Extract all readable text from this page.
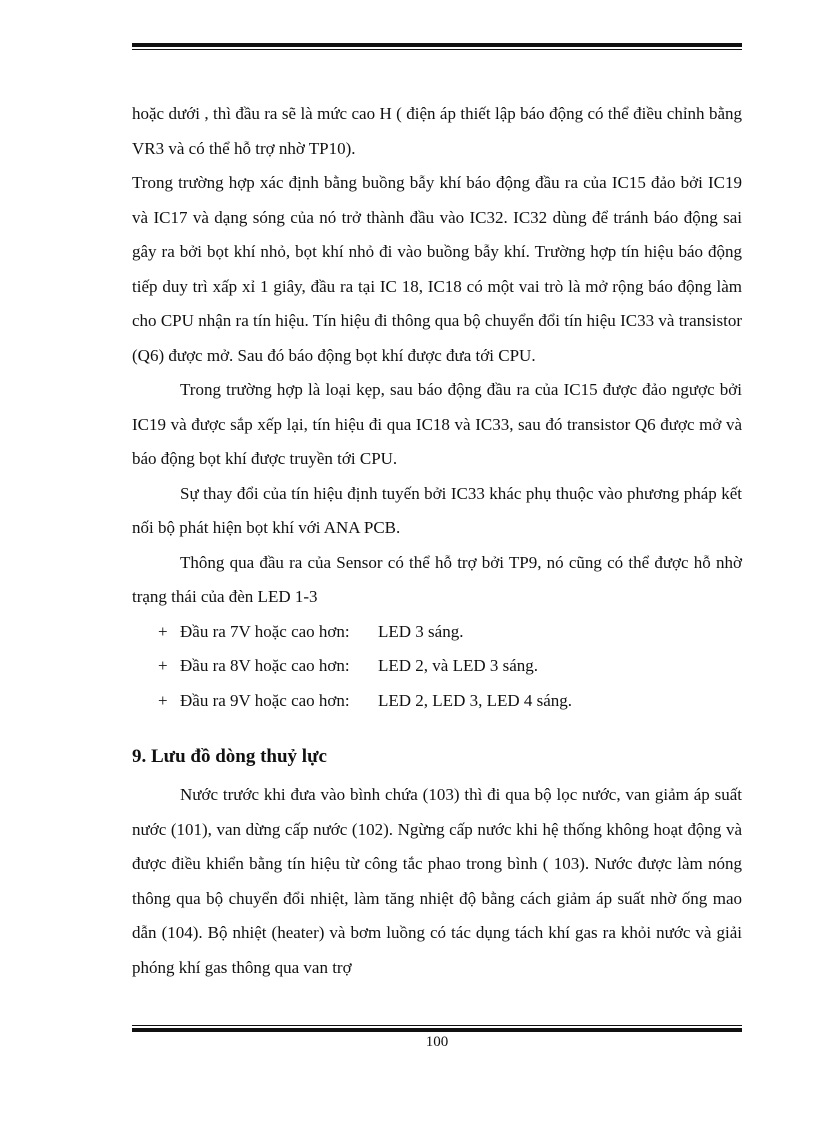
hoặc dưới , thì đầu ra sẽ là mức cao H ( điện áp thiết lập báo động có thể điều chỉnh bằng VR3 và có thể hỗ trợ nhờ TP10).

Trong trường hợp xác định bằng buồng bẫy khí báo động đầu ra của IC15 đảo bởi IC19 và IC17 và dạng sóng của nó trở thành đầu vào IC32. IC32 dùng để tránh báo động sai gây ra bởi bọt khí nhỏ, bọt khí nhỏ đi vào buồng bẫy khí. Trường hợp tín hiệu báo động tiếp duy trì xấp xỉ 1 giây, đầu ra tại IC 18, IC18 có một vai trò là mở rộng báo động làm cho CPU nhận ra tín hiệu. Tín hiệu đi thông qua bộ chuyển đổi tín hiệu IC33 và transistor (Q6) được mở. Sau đó báo động bọt khí được đưa tới CPU.

Trong trường hợp là loại kẹp, sau báo động đầu ra của IC15 được đảo ngược bởi IC19 và được sắp xếp lại, tín hiệu đi qua IC18 và IC33, sau đó transistor Q6 được mở và báo động bọt khí được truyền tới CPU.

Sự thay đổi của tín hiệu định tuyến bởi IC33 khác phụ thuộc vào phương pháp kết nối bộ phát hiện bọt khí với ANA PCB.

Thông qua đầu ra của Sensor có thể hỗ trợ bởi TP9, nó cũng có thể được hỗ nhờ trạng thái của đèn LED 1-3

+ Đầu ra 7V hoặc cao hơn: LED 3 sáng.
+ Đầu ra 8V hoặc cao hơn: LED 2, và LED 3 sáng.
+ Đầu ra 9V hoặc cao hơn: LED 2, LED 3, LED 4 sáng.
9. Lưu đồ dòng thuỷ lực

Nước trước khi đưa vào bình chứa (103) thì đi qua bộ lọc nước, van giảm áp suất nước (101), van dừng cấp nước (102). Ngừng cấp nước khi hệ thống không hoạt động và được điều khiển bằng tín hiệu từ công tắc phao trong bình ( 103). Nước được làm nóng thông qua bộ chuyển đổi nhiệt, làm tăng nhiệt độ bằng cách giảm áp suất nhờ ống mao dẫn (104). Bộ nhiệt (heater) và bơm luồng có tác dụng tách khí gas ra khỏi nước và giải phóng khí gas thông qua van trợ

100
